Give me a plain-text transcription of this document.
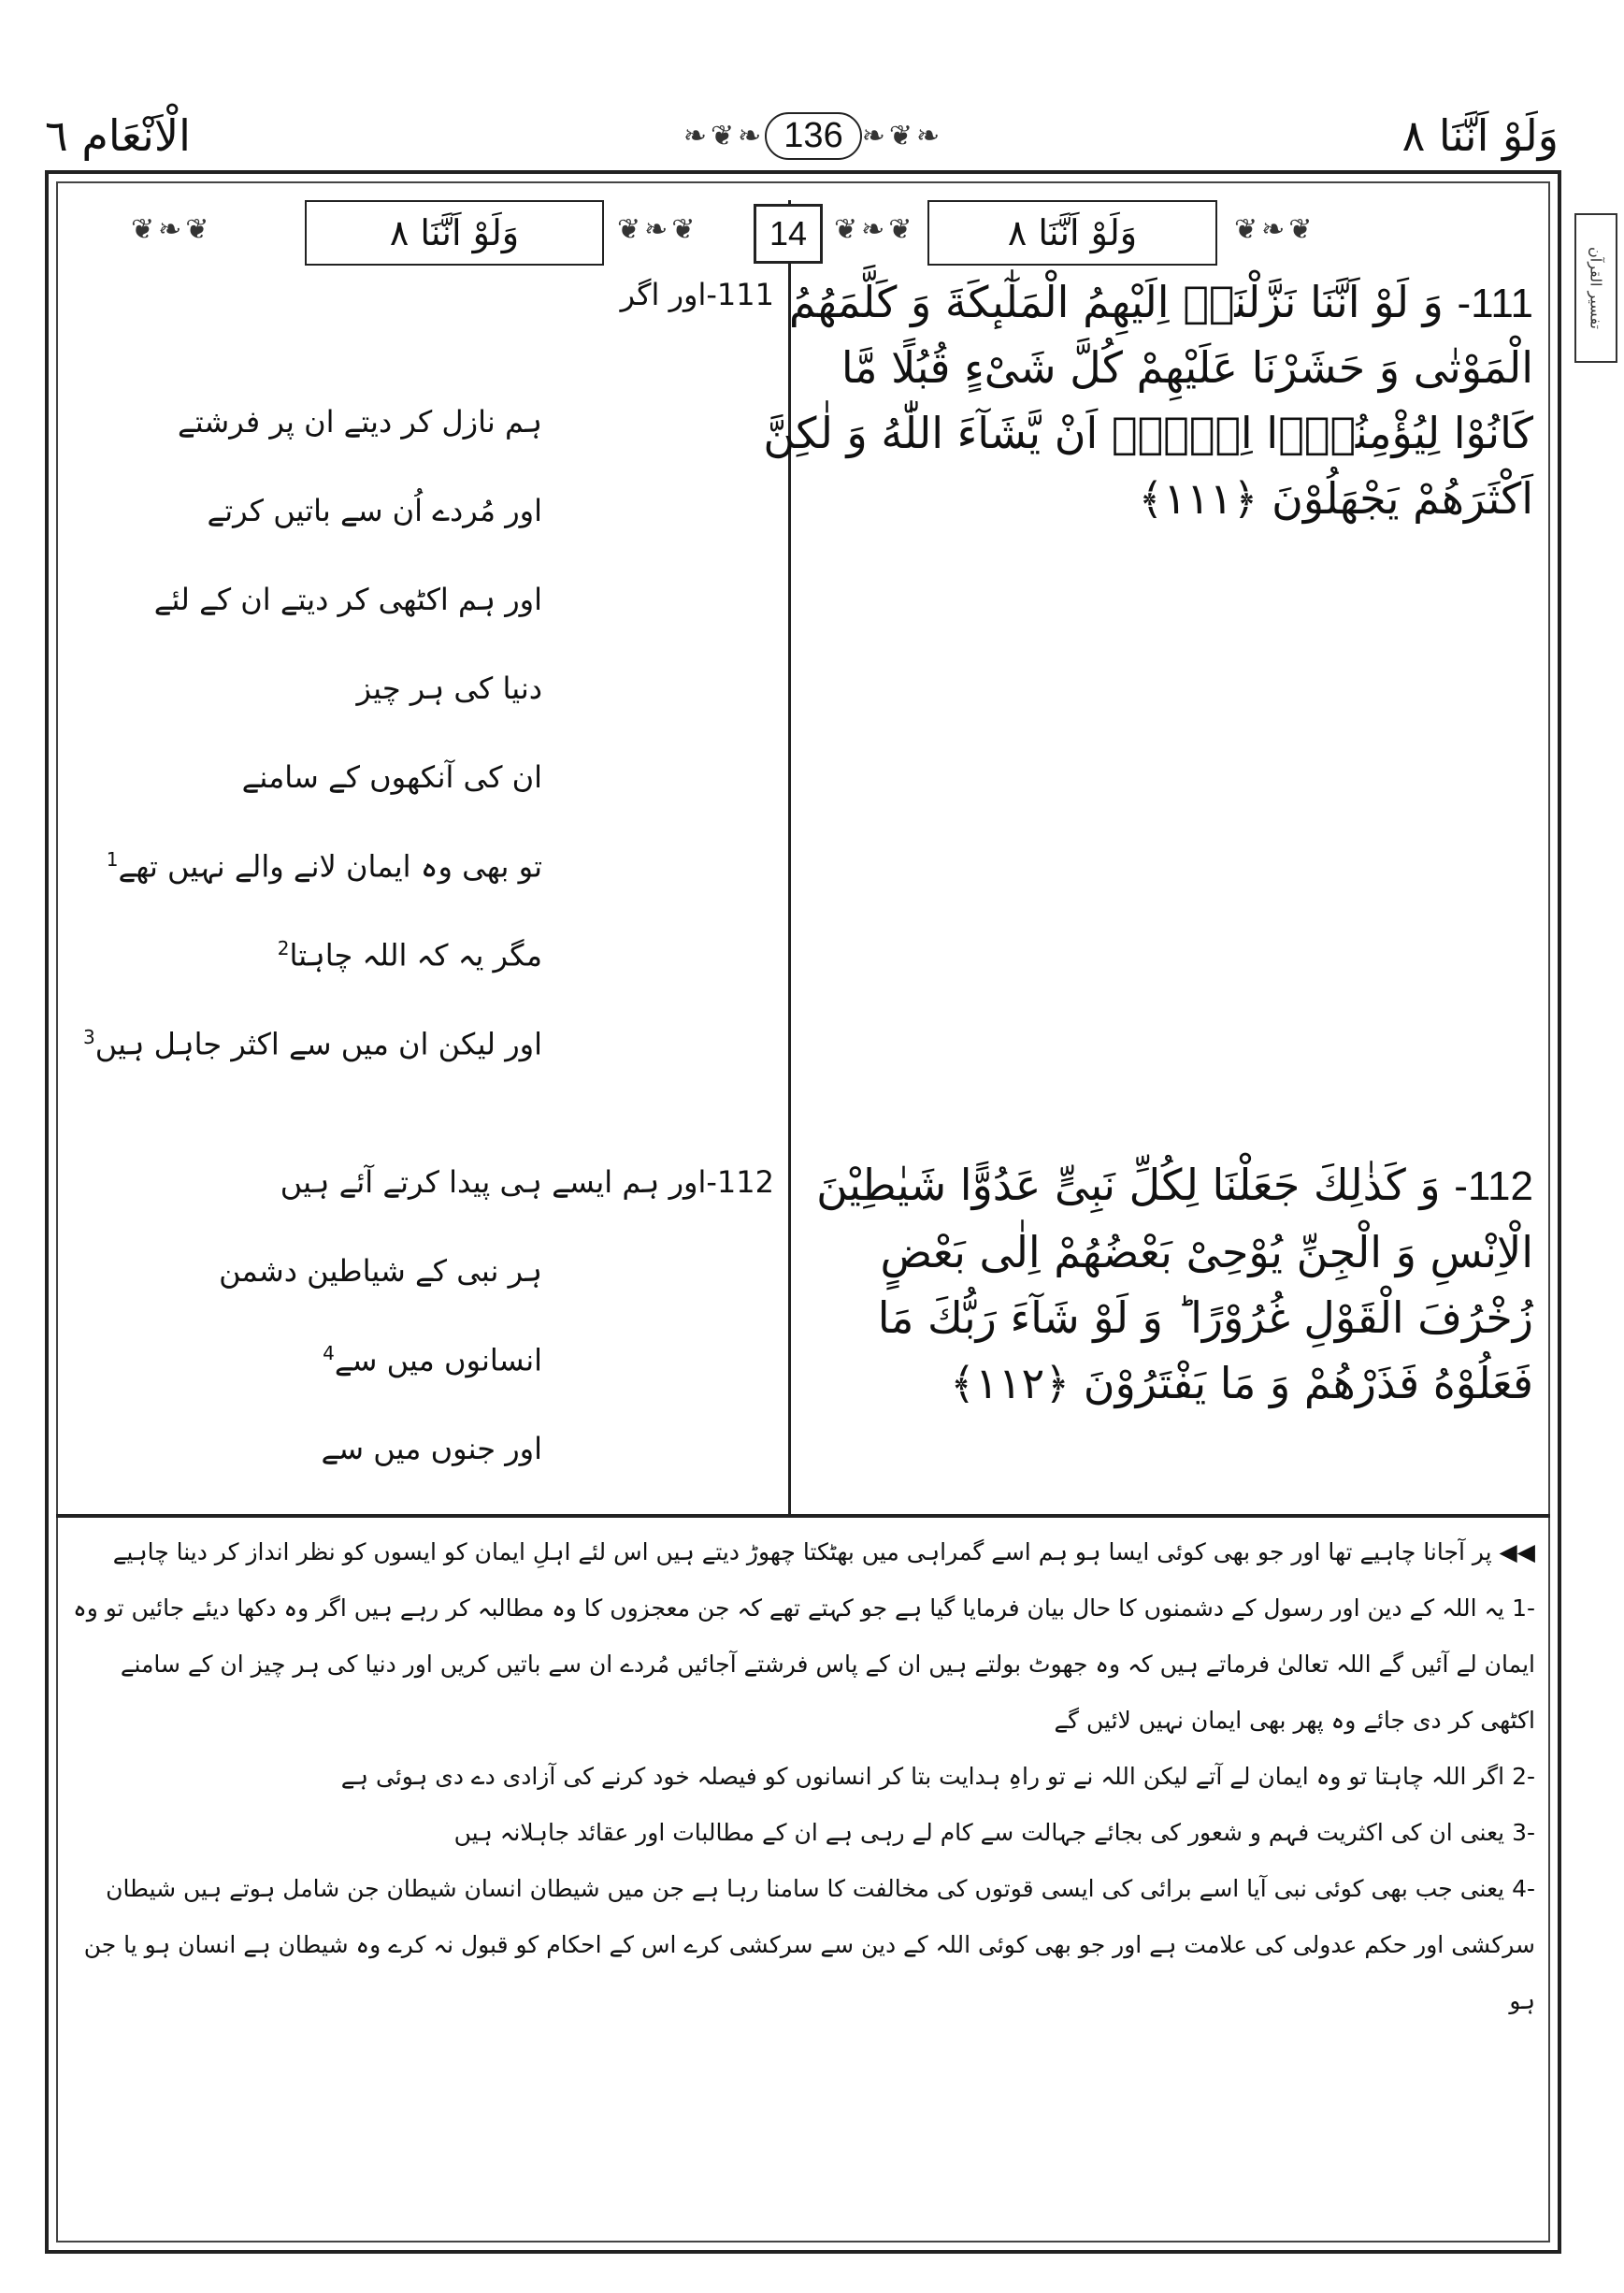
وَلَوْ اَنَّنَا ٨
الْاَنْعَام ٦	❧❦❧ 136 ❧❦❧
تفسیر القرآن
❦❧❦
وَلَوْ اَنَّنَا ٨
❦❧❦
14
❦❧❦
وَلَوْ اَنَّنَا ٨
❦❧❦
111- وَ لَوْ اَنَّنَا نَزَّلْنَاۤ اِلَیْهِمُ الْمَلٰٓىٕكَةَ وَ كَلَّمَهُمُ
الْمَوْتٰى وَ حَشَرْنَا عَلَیْهِمْ كُلَّ شَیْءٍ قُبُلًا مَّا
كَانُوْا لِیُؤْمِنُوْۤا اِلَّاۤ اَنْ یَّشَآءَ اللّٰهُ وَ لٰكِنَّ
اَكْثَرَهُمْ یَجْهَلُوْنَ ﴿١١١﴾
112- وَ كَذٰلِكَ جَعَلْنَا لِكُلِّ نَبِیٍّ عَدُوًّا شَیٰطِیْنَ
الْاِنْسِ وَ الْجِنِّ یُوْحِیْ بَعْضُهُمْ اِلٰى بَعْضٍ
زُخْرُفَ الْقَوْلِ غُرُوْرًا ؕ وَ لَوْ شَآءَ رَبُّكَ مَا
فَعَلُوْهُ فَذَرْهُمْ وَ مَا یَفْتَرُوْنَ ﴿١١٢﴾
111-اور اگر
ہم نازل کر دیتے ان پر فرشتے
اور مُردے اُن سے باتیں کرتے
اور ہم اکٹھی کر دیتے ان کے لئے
دنیا کی ہر چیز
ان کی آنکھوں کے سامنے
تو بھی وہ ایمان لانے والے نہیں تھے$^1$
مگر یہ کہ اللہ چاہتا$^2$
اور لیکن ان میں سے اکثر جاہل ہیں$^3$
112-اور ہم ایسے ہی پیدا کرتے آئے ہیں
ہر نبی کے شیاطین دشمن
انسانوں میں سے$^4$
اور جنوں میں سے
◀◀ پر آجانا چاہیے تھا اور جو بھی کوئی ایسا ہو ہم اسے گمراہی میں بھٹکتا چھوڑ دیتے ہیں اس لئے اہلِ ایمان کو ایسوں کو نظر انداز کر دینا چاہیے
-1 یہ اللہ کے دین اور رسول کے دشمنوں کا حال بیان فرمایا گیا ہے جو کہتے تھے کہ جن معجزوں کا وہ مطالبہ کر رہے ہیں اگر وہ دکھا دیئے جائیں تو وہ ایمان لے آئیں گے اللہ تعالیٰ فرماتے ہیں کہ وہ جھوٹ بولتے ہیں ان کے پاس فرشتے آجائیں مُردے ان سے باتیں کریں اور دنیا کی ہر چیز ان کے سامنے اکٹھی کر دی جائے وہ پھر بھی ایمان نہیں لائیں گے
-2 اگر اللہ چاہتا تو وہ ایمان لے آتے لیکن اللہ نے تو راہِ ہدایت بتا کر انسانوں کو فیصلہ خود کرنے کی آزادی دے دی ہوئی ہے
-3 یعنی ان کی اکثریت فہم و شعور کی بجائے جہالت سے کام لے رہی ہے ان کے مطالبات اور عقائد جاہلانہ ہیں
-4 یعنی جب بھی کوئی نبی آیا اسے برائی کی ایسی قوتوں کی مخالفت کا سامنا رہا ہے جن میں شیطان انسان شیطان جن شامل ہوتے ہیں شیطان سرکشی اور حکم عدولی کی علامت ہے اور جو بھی کوئی اللہ کے دین سے سرکشی کرے اس کے احکام کو قبول نہ کرے وہ شیطان ہے انسان ہو یا جن ہو
